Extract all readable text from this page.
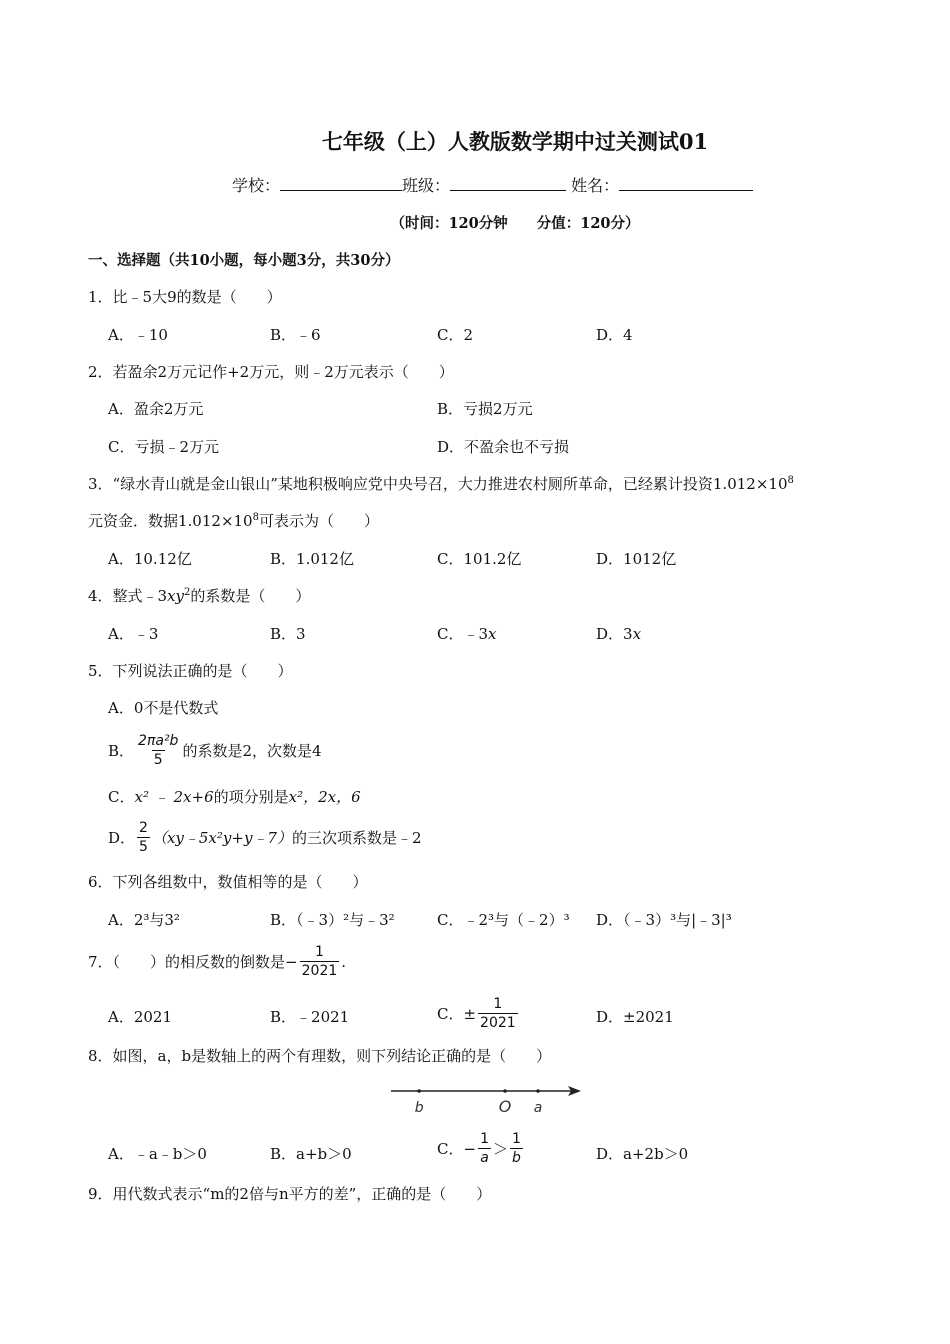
七年级（上）人教版数学期中过关测试01
学校：	班级：	姓名：
（时间：120分钟　　分值：120分）
一、选择题（共10小题，每小题3分，共30分）
1．比﹣5大9的数是（　　）
A．﹣10	B．﹣6	C．2	D．4
2．若盈余2万元记作+2万元，则﹣2万元表示（　　）
A．盈余2万元	B．亏损2万元
C．亏损﹣2万元	D．不盈余也不亏损
3．“绿水青山就是金山银山”某地积极响应党中央号召，大力推进农村厕所革命，已经累计投资$1.012\times 10^8$
元资金．数据$1.012\times 10^8$可表示为（　　）
A．10.12亿	B．1.012亿	C．101.2亿	D．1012亿
4．整式$﹣3xy^2$的系数是（　　）
A．﹣3	B．3	C．﹣3x	D．3x
5．下列说法正确的是（　　）
A．0不是代数式
B． $\frac{\text{2πa²b}}{5}$ 的系数是2，次数是4
C．x² ﹣ 2x+6的项分别是x²，2x，6
D． $\frac{2}{5}$ （xy﹣5x²y+y﹣7） 的三次项系数是﹣2
6．下列各组数中，数值相等的是（　　）
A．2³与3²	B．（﹣3）²与﹣3²	C．﹣2³与（﹣2）³ D．（﹣3）³与|﹣3|³
7．（　　）的相反数的倒数是 − $\frac{1}{2021}$ .
A．2021	B．﹣2021	C．± $\frac{1}{2021}$	D．±2021
8．如图，a，b是数轴上的两个有理数，则下列结论正确的是（　　）
b	O a
A．﹣a﹣b＞0	B．a+b＞0	C． − $\frac{1}{a} > \frac{1}{b}$	D．a+2b＞0
9．用代数式表示“m的2倍与n平方的差”，正确的是（　　）
